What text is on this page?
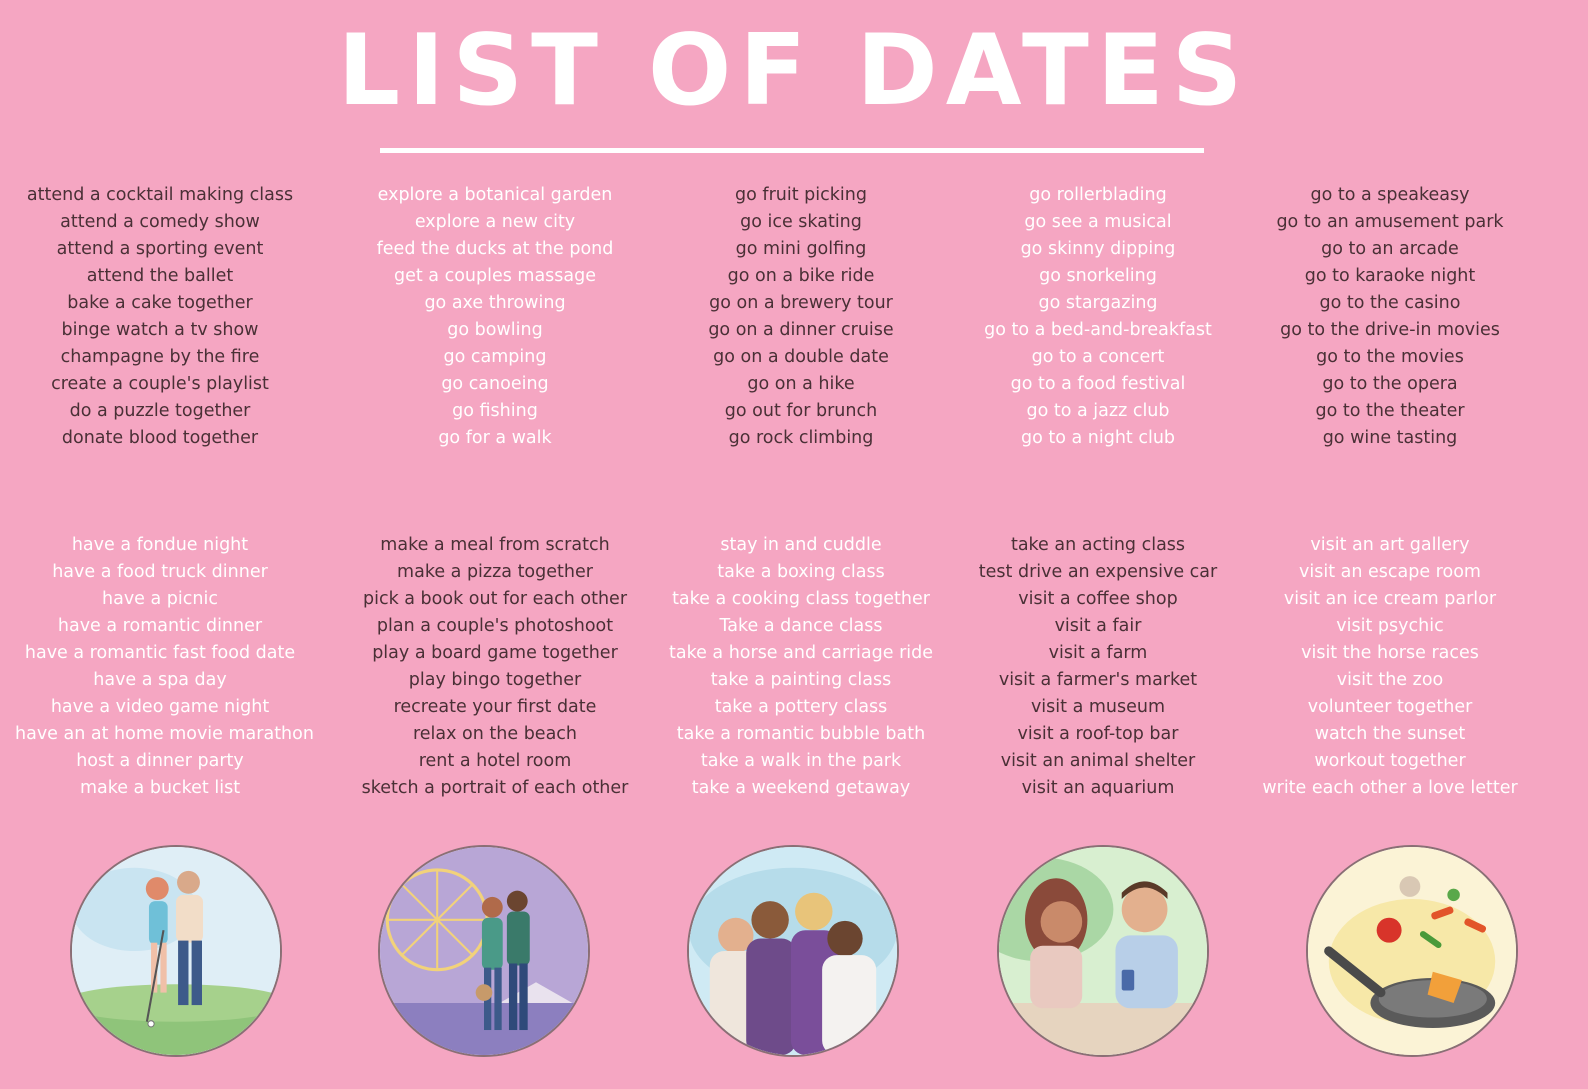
LIST OF DATES
attend a cocktail making class
attend a comedy show
attend a sporting event
attend the ballet
bake a cake together
binge watch a tv show
champagne by the fire
create a couple's playlist
do a puzzle together
donate blood together
explore a botanical garden
explore a new city
feed the ducks at the pond
get a couples massage
go axe throwing
go bowling
go camping
go canoeing
go fishing
go for a walk
go fruit picking
go ice skating
go mini golfing
go on a bike ride
go on a brewery tour
go on a dinner cruise
go on a double date
go on a hike
go out for brunch
go rock climbing
go rollerblading
go see a musical
go skinny dipping
go snorkeling
go stargazing
go to a bed-and-breakfast
go to a concert
go to a food festival
go to a jazz club
go to a night club
go to a speakeasy
go to an amusement park
go to an arcade
go to karaoke night
go to the casino
go to the drive-in movies
go to the movies
go to the opera
go to the theater
go wine tasting
have a fondue night
have a food truck dinner
have a picnic
have a romantic dinner
have a romantic fast food date
have a spa day
have a video game night
have an at home movie marathon
host a dinner party
make a bucket list
make a meal from scratch
make a pizza together
pick a book out for each other
plan a couple's photoshoot
play a board game together
play bingo together
recreate your first date
relax on the beach
rent a hotel room
sketch a portrait of each other
stay in and cuddle
take a boxing class
take a cooking class together
Take a dance class
take a horse and carriage ride
take a painting class
take a pottery class
take a romantic bubble bath
take a walk in the park
take a weekend getaway
take an acting class
test drive an expensive car
visit a coffee shop
visit a fair
visit a farm
visit a farmer's market
visit a museum
visit a roof-top bar
visit an animal shelter
visit an aquarium
visit an art gallery
visit an escape room
visit an ice cream parlor
visit psychic
visit the horse races
visit the zoo
volunteer together
watch the sunset
workout together
write each other a love letter
